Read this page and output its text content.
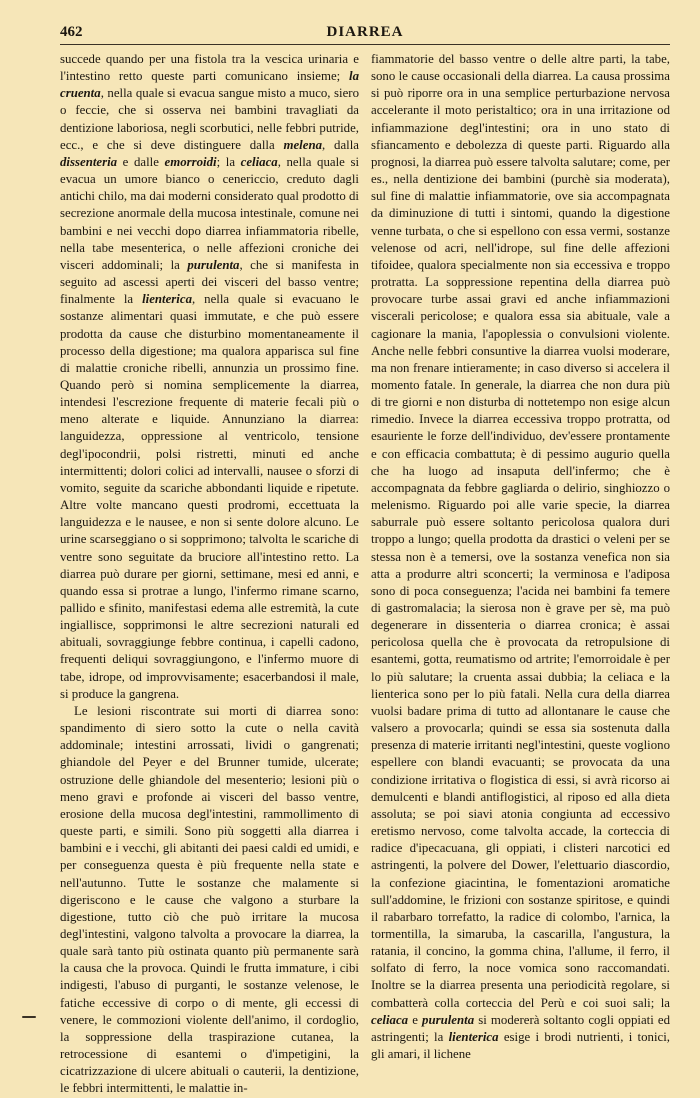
462	DIARREA

succede quando per una fistola tra la vescica urinaria e l'intestino retto queste parti comunicano insieme; la cruenta, nella quale si evacua sangue misto a muco, siero o feccie, che si osserva nei bambini travagliati da dentizione laboriosa, negli scorbutici, nelle febbri putride, ecc., e che si deve distinguere dalla melena, dalla dissenteria e dalle emorroidi; la celiaca, nella quale si evacua un umore bianco o cenericcio, creduto dagli antichi chilo, ma dai moderni considerato qual prodotto di secrezione anormale della mucosa intestinale, comune nei bambini e nei vecchi dopo diarrea infiammatoria ribelle, nella tabe mesenterica, o nelle affezioni croniche dei visceri addominali; la purulenta, che si manifesta in seguito ad ascessi aperti dei visceri del basso ventre; finalmente la lienterica, nella quale si evacuano le sostanze alimentari quasi immutate, e che può essere prodotta da cause che disturbino momentaneamente il processo della digestione; ma qualora apparisca sul fine di malattie croniche ribelli, annunzia un prossimo fine. Quando però si nomina semplicemente la diarrea, intendesi l'escrezione frequente di materie fecali più o meno alterate e liquide. Annunziano la diarrea: languidezza, oppressione al ventricolo, tensione degl'ipocondrii, polsi ristretti, minuti ed anche intermittenti; dolori colici ad intervalli, nausee o sforzi di vomito, seguite da scariche abbondanti liquide e ripetute. Altre volte mancano questi prodromi, eccettuata la languidezza e le nausee, e non si sente dolore alcuno. Le urine scarseggiano o si sopprimono; talvolta le scariche di ventre sono seguitate da bruciore all'intestino retto. La diarrea può durare per giorni, settimane, mesi ed anni, e quando essa si protrae a lungo, l'infermo rimane scarno, pallido e sfinito, manifestasi edema alle estremità, la cute ingiallisce, sopprimonsi le altre secrezioni naturali ed abituali, sovraggiunge febbre continua, i capelli cadono, frequenti deliqui sovraggiungono, e l'infermo muore di tabe, idrope, od improvvisamente; esacerbandosi il male, si produce la gangrena.

Le lesioni riscontrate sui morti di diarrea sono: spandimento di siero sotto la cute o nella cavità addominale; intestini arrossati, lividi o gangrenati; ghiandole del Peyer e del Brunner tumide, ulcerate; ostruzione delle ghiandole del mesenterio; lesioni più o meno gravi e profonde ai visceri del basso ventre, erosione della mucosa degl'intestini, rammollimento di queste parti, e simili. Sono più soggetti alla diarrea i bambini e i vecchi, gli abitanti dei paesi caldi ed umidi, e per conseguenza questa è più frequente nella state e nell'autunno. Tutte le sostanze che malamente si digeriscono e le cause che valgono a sturbare la digestione, tutto ciò che può irritare la mucosa degl'intestini, valgono talvolta a provocare la diarrea, la quale sarà tanto più ostinata quanto più permanente sarà la causa che la provoca. Quindi le frutta immature, i cibi indigesti, l'abuso di purganti, le sostanze velenose, le fatiche eccessive di corpo o di mente, gli eccessi di venere, le commozioni violente dell'animo, il cordoglio, la soppressione della traspirazione cutanea, la retrocessione di esantemi o d'impetigini, la cicatrizzazione di ulcere abituali o cauterii, la dentizione, le febbri intermittenti, le malattie in-

fiammatorie del basso ventre o delle altre parti, la tabe, sono le cause occasionali della diarrea. La causa prossima si può riporre ora in una semplice perturbazione nervosa accelerante il moto peristaltico; ora in una irritazione od infiammazione degl'intestini; ora in uno stato di sfiancamento e debolezza di queste parti. Riguardo alla prognosi, la diarrea può essere talvolta salutare; come, per es., nella dentizione dei bambini (purchè sia moderata), sul fine di malattie infiammatorie, ove sia accompagnata da diminuzione di tutti i sintomi, quando la digestione venne turbata, o che si espellono con essa vermi, sostanze velenose od acri, nell'idrope, sul fine delle affezioni tifoidee, qualora specialmente non sia eccessiva e troppo protratta. La soppressione repentina della diarrea può provocare turbe assai gravi ed anche infiammazioni viscerali pericolose; e qualora essa sia abituale, vale a cagionare la mania, l'apoplessia o convulsioni violente. Anche nelle febbri consuntive la diarrea vuolsi moderare, ma non frenare intieramente; in caso diverso si accelera il momento fatale. In generale, la diarrea che non dura più di tre giorni e non disturba di nottetempo non esige alcun rimedio. Invece la diarrea eccessiva troppo protratta, od esauriente le forze dell'individuo, dev'essere prontamente e con efficacia combattuta; è di pessimo augurio quella che ha luogo ad insaputa dell'infermo; che è accompagnata da febbre gagliarda o delirio, singhiozzo o melenismo. Riguardo poi alle varie specie, la diarrea saburrale può essere soltanto pericolosa qualora duri troppo a lungo; quella prodotta da drastici o veleni per se stessa non è a temersi, ove la sostanza venefica non sia atta a produrre altri sconcerti; la verminosa e l'adiposa sono di poca conseguenza; l'acida nei bambini fa temere di gastromalacia; la sierosa non è grave per sè, ma può degenerare in dissenteria o diarrea cronica; è assai pericolosa quella che è provocata da retropulsione di esantemi, gotta, reumatismo od artrite; l'emorroidale è per lo più salutare; la cruenta assai dubbia; la celiaca e la lienterica sono per lo più fatali. Nella cura della diarrea vuolsi badare prima di tutto ad allontanare le cause che valsero a provocarla; quindi se essa sia sostenuta dalla presenza di materie irritanti negl'intestini, queste vogliono espellere con blandi evacuanti; se provocata da una condizione irritativa o flogistica di essi, si avrà ricorso ai demulcenti e blandi antiflogistici, al riposo ed alla dieta assoluta; se poi siavi atonia congiunta ad eccessivo eretismo nervoso, come talvolta accade, la corteccia di radice d'ipecacuana, gli oppiati, i clisteri narcotici ed astringenti, la polvere del Dower, l'elettuario diascordio, la confezione giacintina, le fomentazioni aromatiche sull'addomine, le frizioni con sostanze spiritose, e quindi il rabarbaro torrefatto, la radice di colombo, l'arnica, la tormentilla, la simaruba, la cascarilla, l'angustura, la ratania, il concino, la gomma china, l'allume, il ferro, il solfato di ferro, la noce vomica sono raccomandati. Inoltre se la diarrea presenta una periodicità regolare, si combatterà colla corteccia del Perù e coi suoi sali; la celiaca e purulenta si modererà soltanto cogli oppiati ed astringenti; la lienterica esige i brodi nutrienti, i tonici, gli amari, il lichene
